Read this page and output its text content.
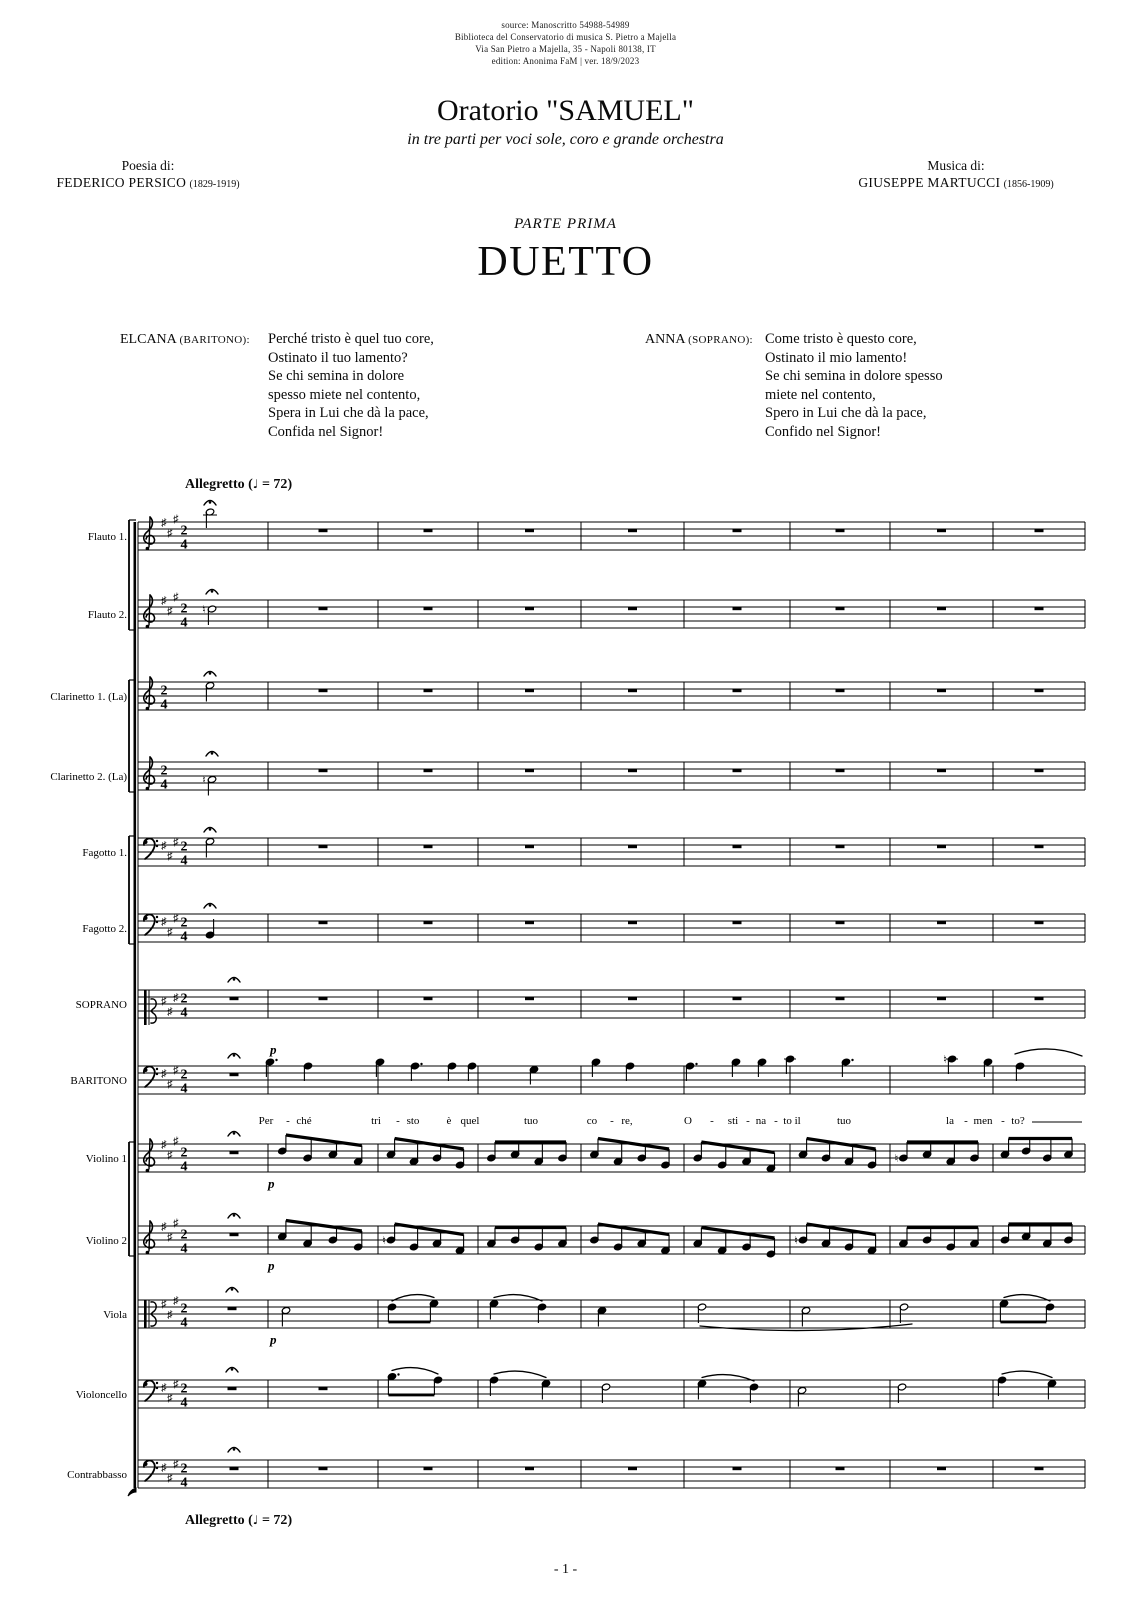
source: Manoscritto 54988-54989
Biblioteca del Conservatorio di musica S. Pietro a Majella
Via San Pietro a Majella, 35 - Napoli 80138, IT
edition: Anonima FaM | ver. 18/9/2023
Oratorio "SAMUEL"
in tre parti per voci sole, coro e grande orchestra
Poesia di:
FEDERICO PERSICO (1829-1919)
Musica di:
GIUSEPPE MARTUCCI (1856-1909)
PARTE PRIMA
DUETTO
ELCANA (BARITONO): Perché tristo è quel tuo core,
Ostinato il tuo lamento?
Se chi semina in dolore
spesso miete nel contento,
Spera in Lui che dà la pace,
Confida nel Signor!
ANNA (SOPRANO): Come tristo è questo core,
Ostinato il mio lamento!
Se chi semina in dolore spesso
miete nel contento,
Spero in Lui che dà la pace,
Confido nel Signor!
Allegretto (♩ = 72)
Allegretto (♩ = 72)
Flauto 1.
♯
♯
♯
2
4
Flauto 2.
♯
♯
♯
2
4
♮
Clarinetto 1. (La) 2
4
Clarinetto 2. (La) 2
4	♮
Fagotto 1.
♯
♯
♯ 2
4
Fagotto 2.
♯
♯
♯ 2
4
SOPRANO	♯
♯
♯ 2
4
BARITONO
♯
♯
♯ 2
4
p
♮
Per - ché	tri - sto è quel	tuo	co - re,	O - sti - na - to il	tuo	la - men - to?
Violino 1
♯
♯
♯
2
4
p
♮
Violino 2
♯
♯
♯
2
4
p
♮	♮
Viola
♯
♯
♯
2
4
p
Violoncello
♯
♯
♯ 2
4
Contrabbasso
♯
♯
♯ 2
4
- 1 -
